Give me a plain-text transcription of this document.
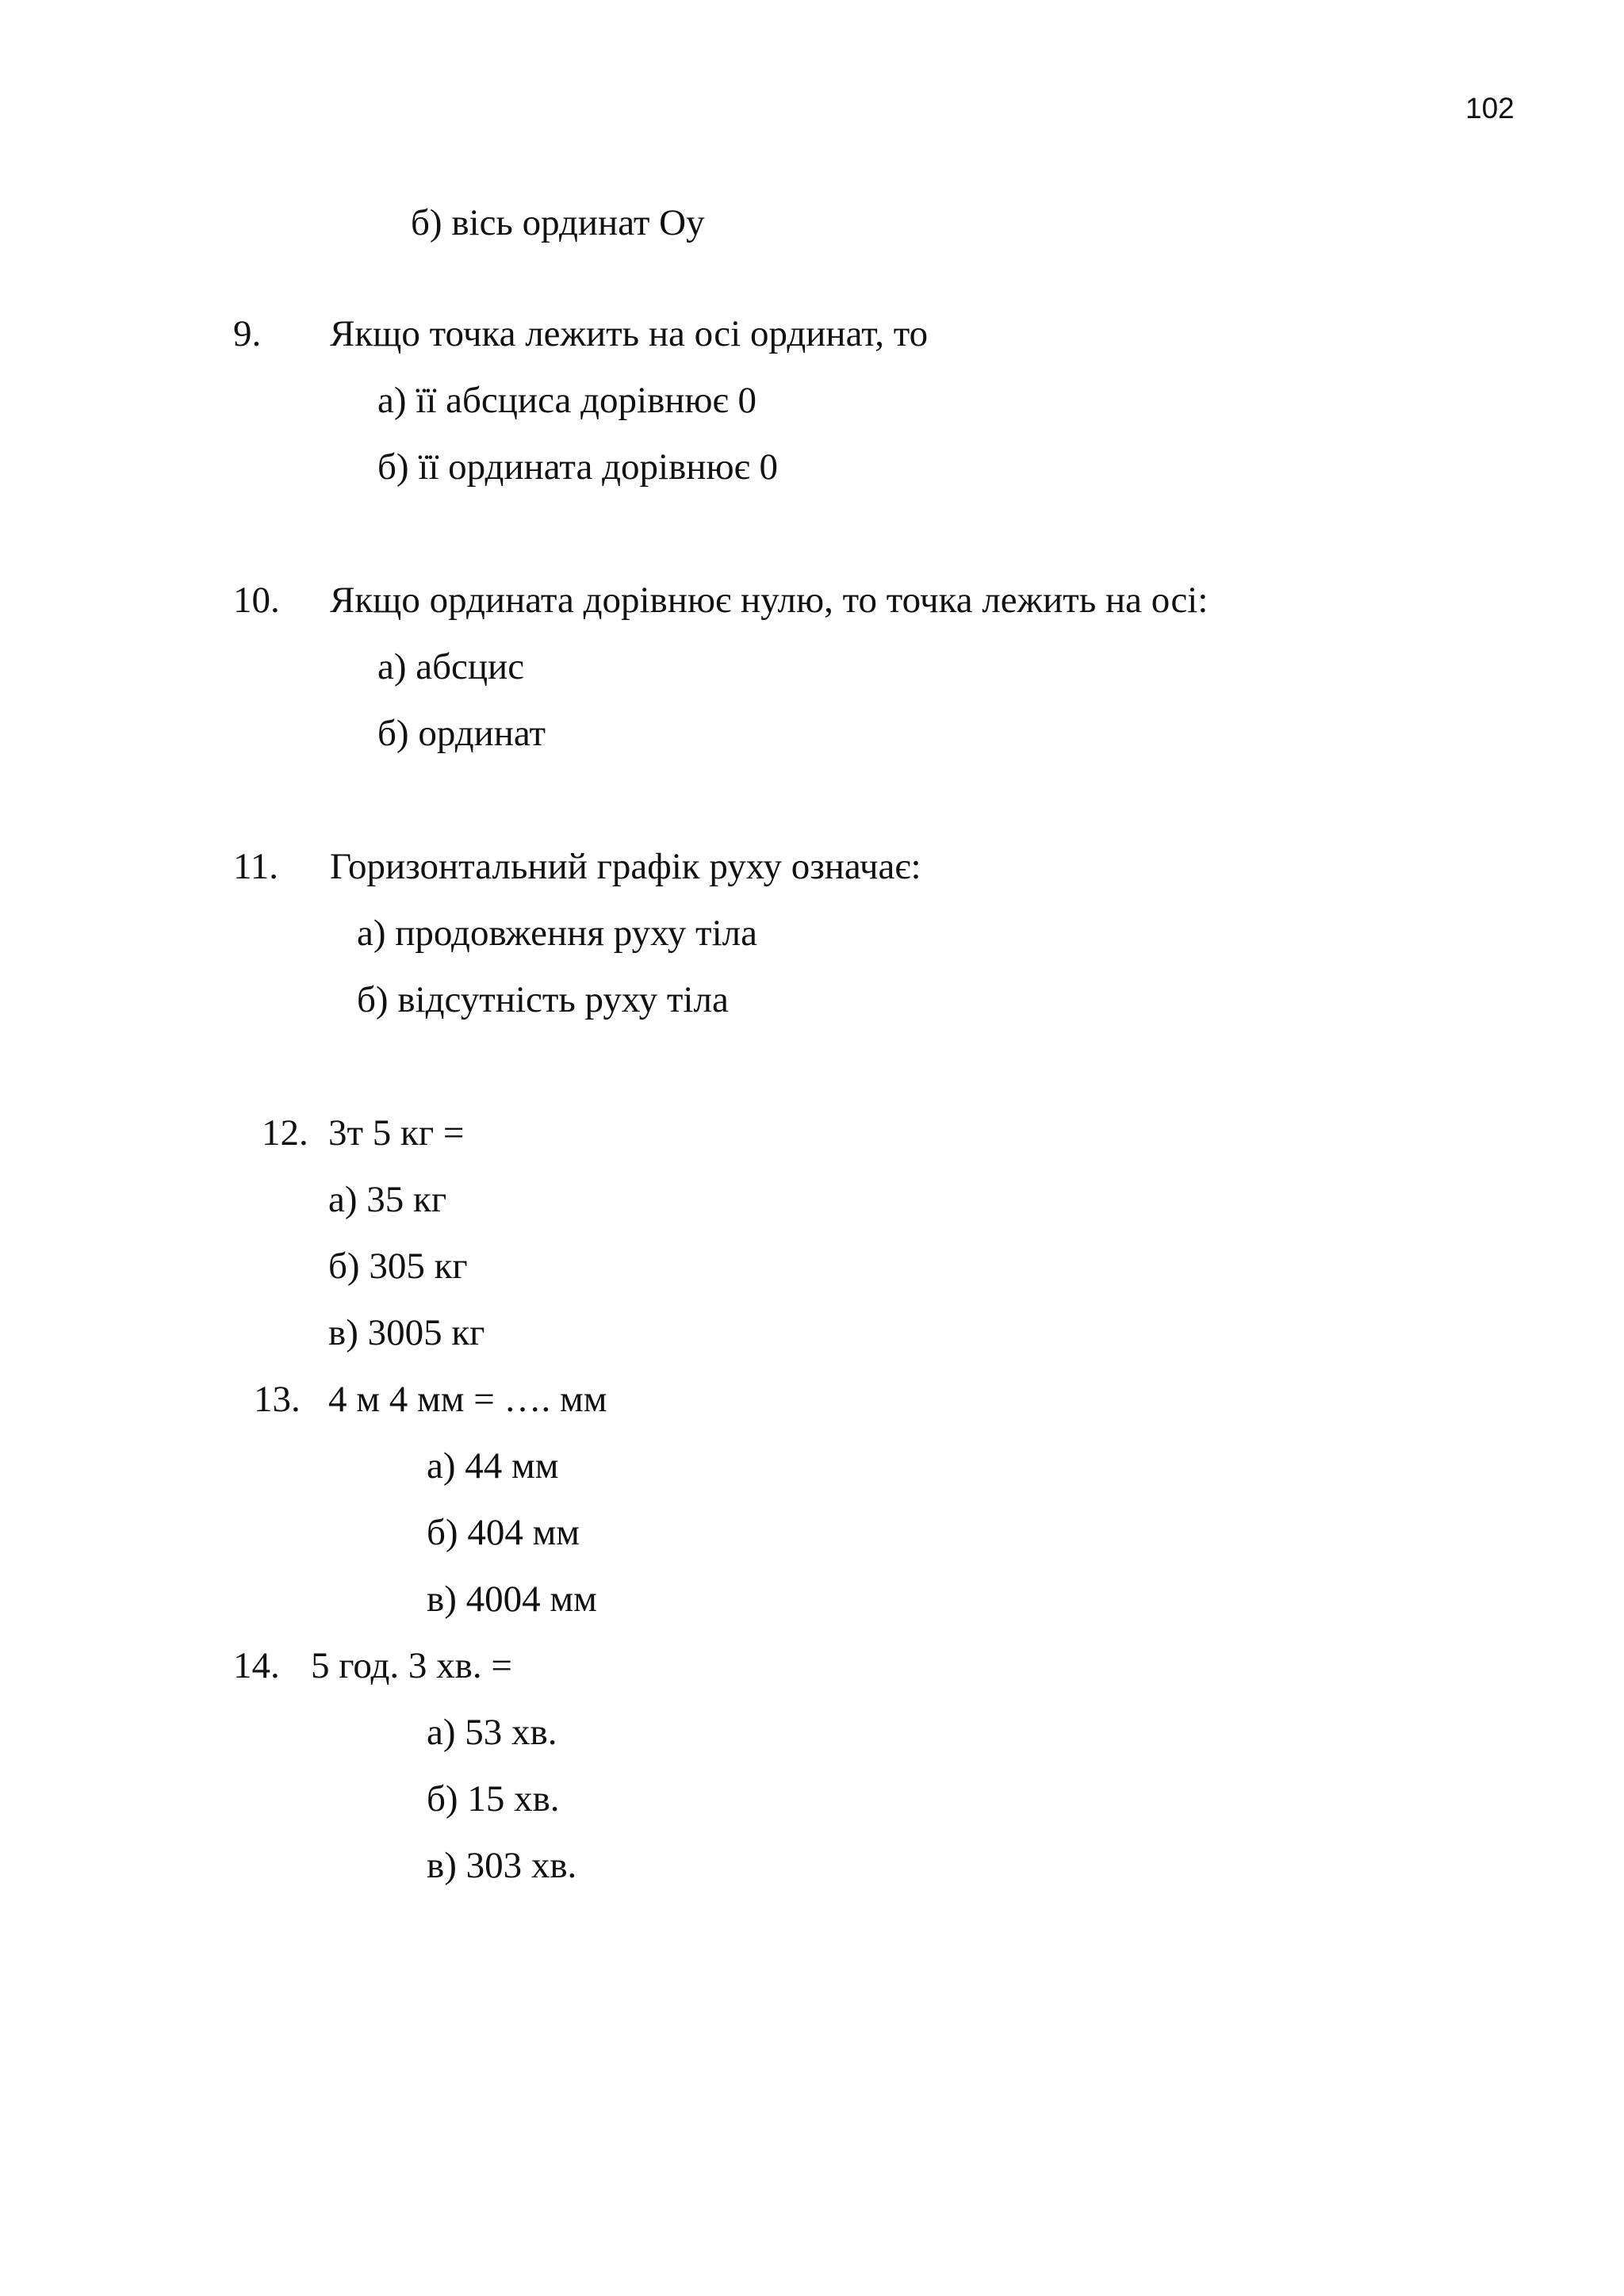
102
б) вісь ординат Оу
9. Якщо точка лежить на осі ординат, то
а) її абсциса дорівнює 0
б) її ордината дорівнює 0
10. Якщо ордината дорівнює нулю, то точка лежить на осі:
а) абсцис
б) ординат
11. Горизонтальний графік руху означає:
а) продовження руху тіла
б) відсутність руху тіла
12. 3т 5 кг =
а) 35 кг
б) 305 кг
в) 3005 кг
13. 4 м 4 мм = …. мм
а) 44 мм
б) 404 мм
в) 4004 мм
14. 5 год. 3 хв. =
а) 53 хв.
б) 15 хв.
в) 303 хв.
